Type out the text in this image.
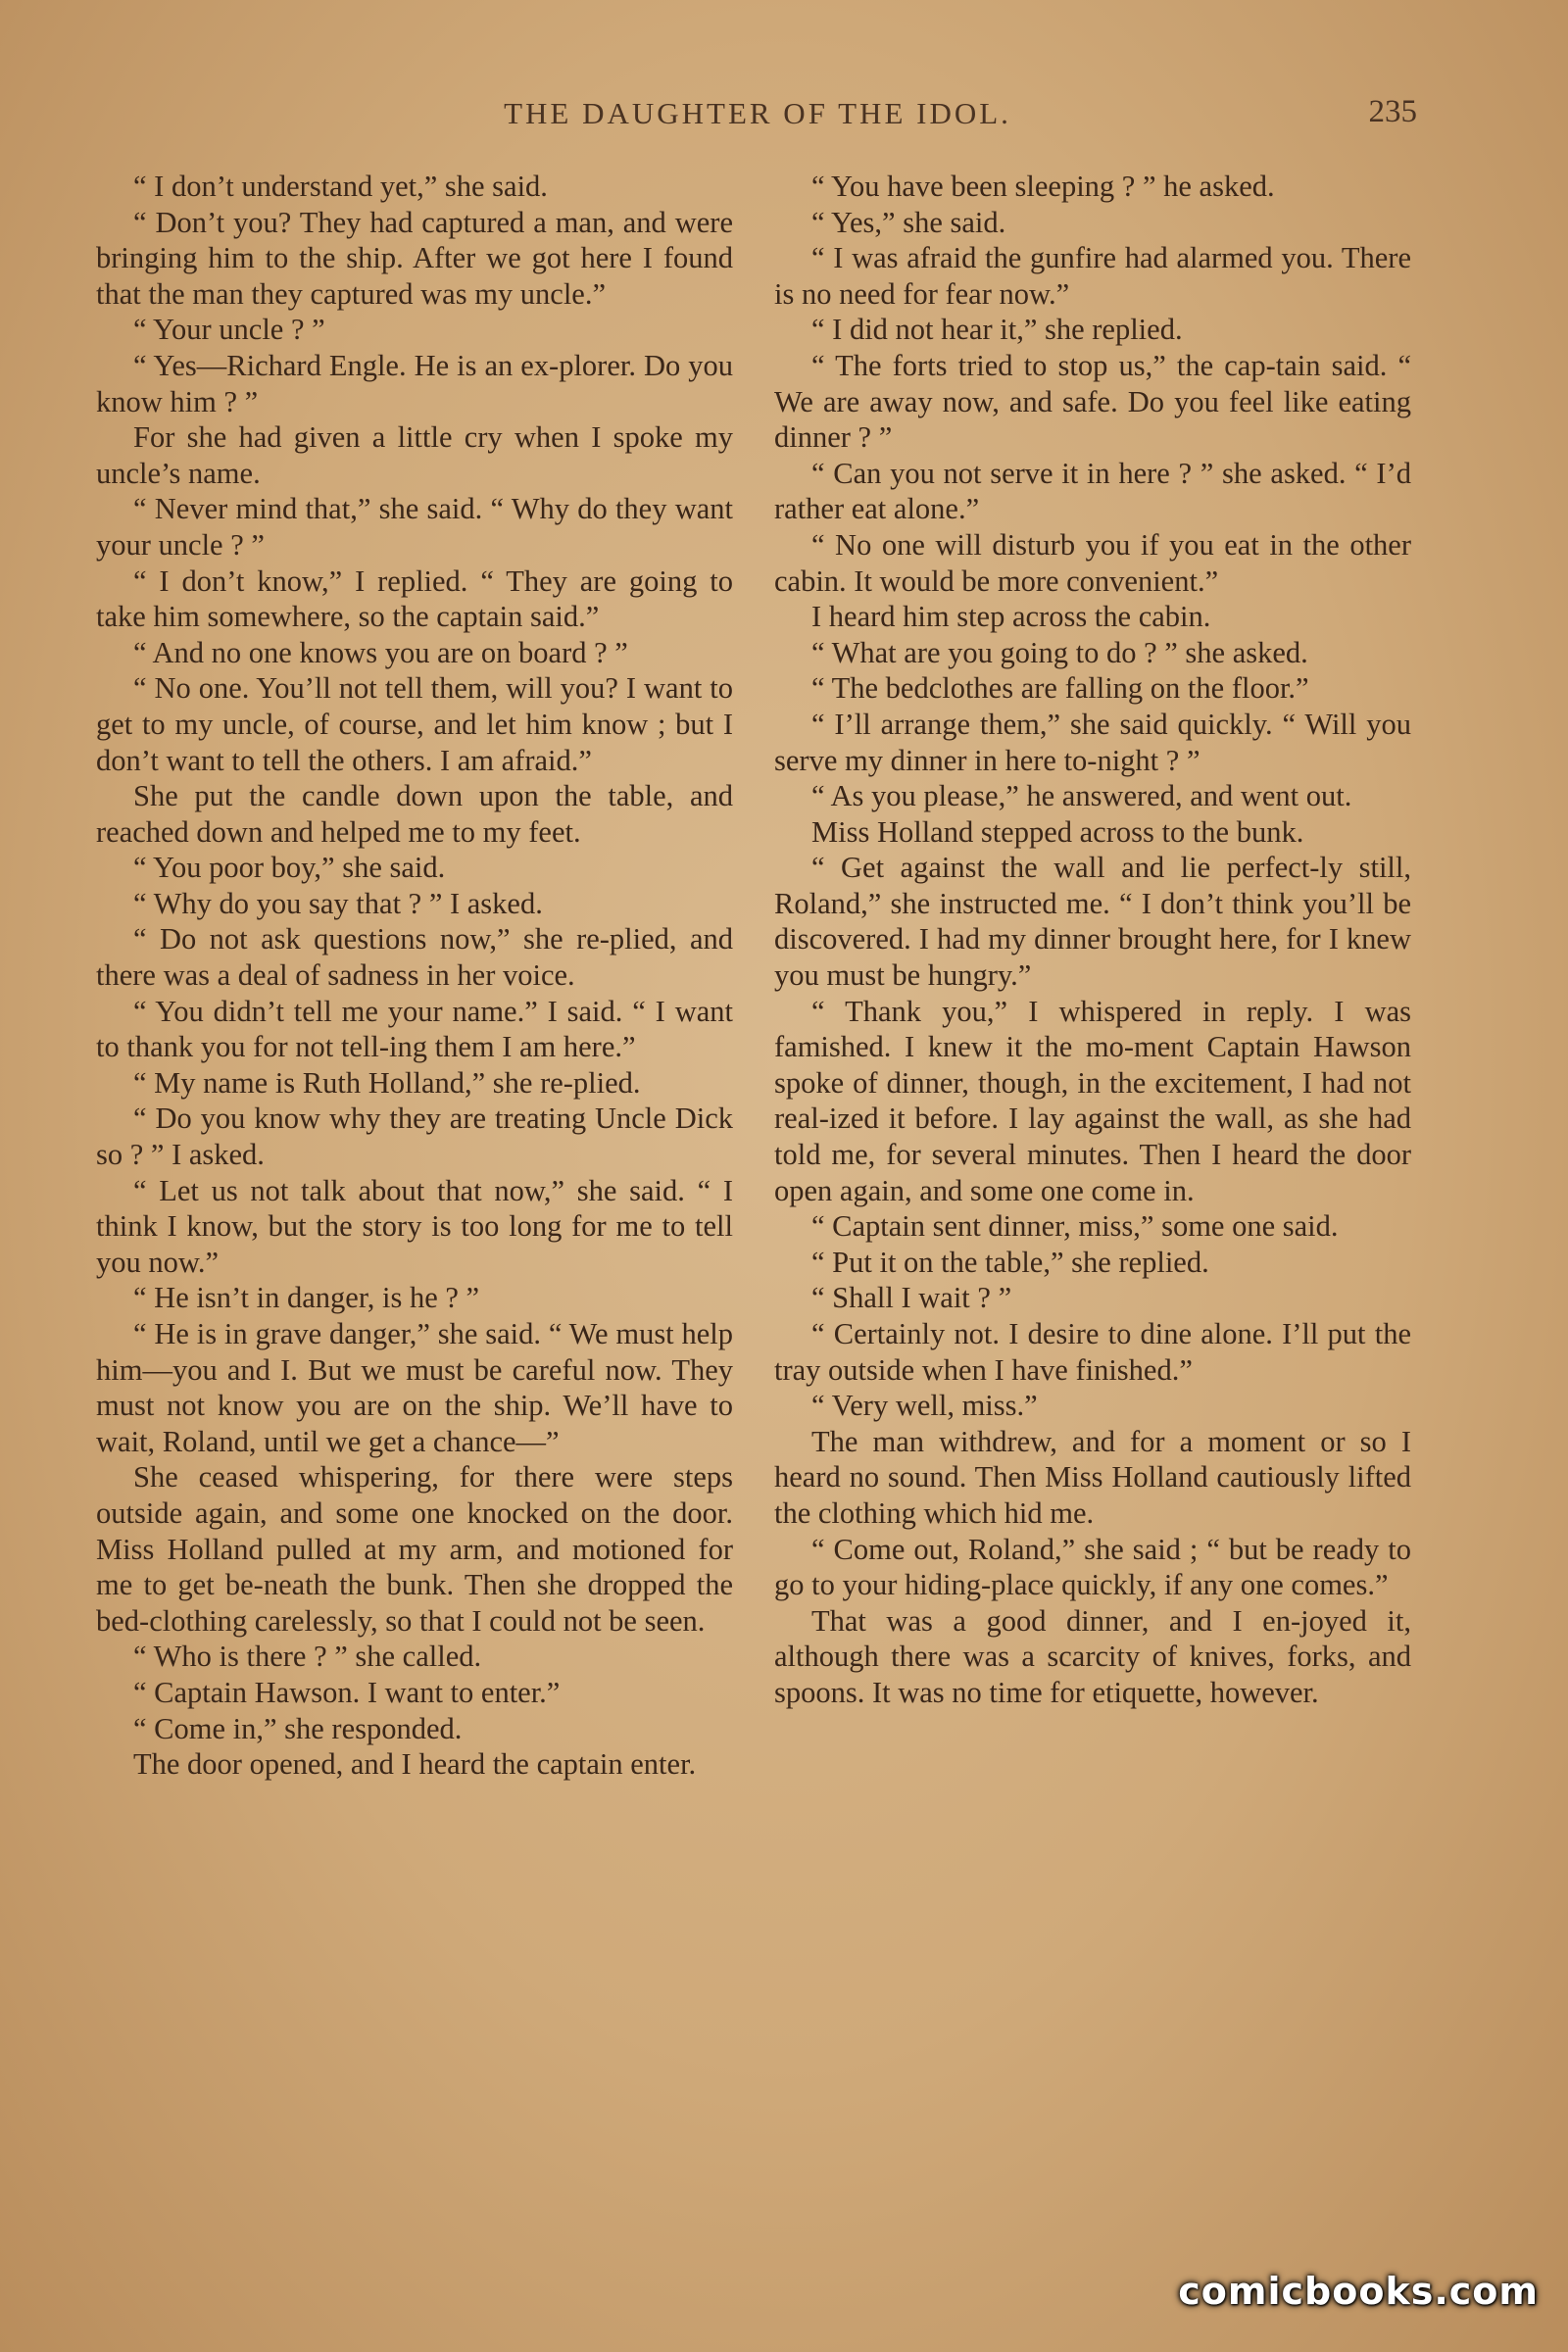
THE DAUGHTER OF THE IDOL.	235

“ I don’t understand yet,” she said.

“ Don’t you? They had captured a man, and were bringing him to the ship. After we got here I found that the man they captured was my uncle.”

“ Your uncle ? ”

“ Yes—Richard Engle. He is an ex-plorer. Do you know him ? ”

For she had given a little cry when I spoke my uncle’s name.

“ Never mind that,” she said. “ Why do they want your uncle ? ”

“ I don’t know,” I replied. “ They are going to take him somewhere, so the captain said.”

“ And no one knows you are on board ? ”

“ No one. You’ll not tell them, will you? I want to get to my uncle, of course, and let him know ; but I don’t want to tell the others. I am afraid.”

She put the candle down upon the table, and reached down and helped me to my feet.

“ You poor boy,” she said.

“ Why do you say that ? ” I asked.

“ Do not ask questions now,” she re-plied, and there was a deal of sadness in her voice.

“ You didn’t tell me your name.” I said. “ I want to thank you for not tell-ing them I am here.”

“ My name is Ruth Holland,” she re-plied.

“ Do you know why they are treating Uncle Dick so ? ” I asked.

“ Let us not talk about that now,” she said. “ I think I know, but the story is too long for me to tell you now.”

“ He isn’t in danger, is he ? ”

“ He is in grave danger,” she said. “ We must help him—you and I. But we must be careful now. They must not know you are on the ship. We’ll have to wait, Roland, until we get a chance—”

She ceased whispering, for there were steps outside again, and some one knocked on the door. Miss Holland pulled at my arm, and motioned for me to get be-neath the bunk. Then she dropped the bed-clothing carelessly, so that I could not be seen.

“ Who is there ? ” she called.

“ Captain Hawson. I want to enter.”

“ Come in,” she responded.

The door opened, and I heard the captain enter.

“ You have been sleeping ? ” he asked.

“ Yes,” she said.

“ I was afraid the gunfire had alarmed you. There is no need for fear now.”

“ I did not hear it,” she replied.

“ The forts tried to stop us,” the cap-tain said. “ We are away now, and safe. Do you feel like eating dinner ? ”

“ Can you not serve it in here ? ” she asked. “ I’d rather eat alone.”

“ No one will disturb you if you eat in the other cabin. It would be more convenient.”

I heard him step across the cabin.

“ What are you going to do ? ” she asked.

“ The bedclothes are falling on the floor.”

“ I’ll arrange them,” she said quickly. “ Will you serve my dinner in here to-night ? ”

“ As you please,” he answered, and went out.

Miss Holland stepped across to the bunk.

“ Get against the wall and lie perfect-ly still, Roland,” she instructed me. “ I don’t think you’ll be discovered. I had my dinner brought here, for I knew you must be hungry.”

“ Thank you,” I whispered in reply. I was famished. I knew it the mo-ment Captain Hawson spoke of dinner, though, in the excitement, I had not real-ized it before. I lay against the wall, as she had told me, for several minutes. Then I heard the door open again, and some one come in.

“ Captain sent dinner, miss,” some one said.

“ Put it on the table,” she replied.

“ Shall I wait ? ”

“ Certainly not. I desire to dine alone. I’ll put the tray outside when I have finished.”

“ Very well, miss.”

The man withdrew, and for a moment or so I heard no sound. Then Miss Holland cautiously lifted the clothing which hid me.

“ Come out, Roland,” she said ; “ but be ready to go to your hiding-place quickly, if any one comes.”

That was a good dinner, and I en-joyed it, although there was a scarcity of knives, forks, and spoons. It was no time for etiquette, however.

comicbooks.com
